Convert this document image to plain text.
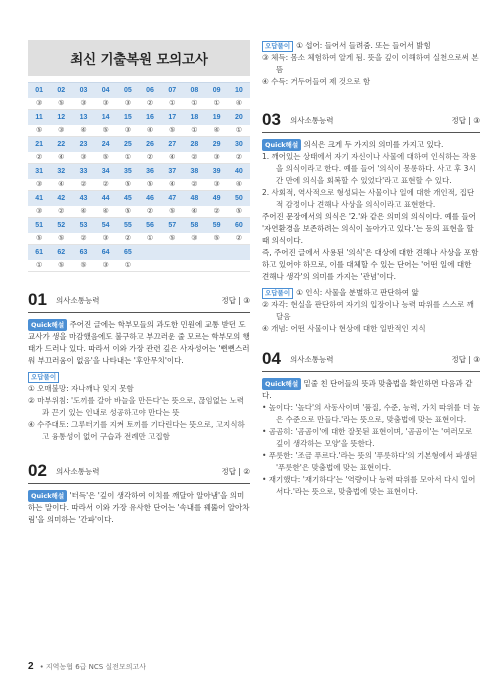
최신 기출복원 모의고사
01	02	03	04	05	06	07	08	09	10
③	⑤	③	③	③	②	①	①	①	④
11	12	13	14	15	16	17	18	19	20
⑤	③	④	⑤	③	④	⑤	①	④	①
21	22	23	24	25	26	27	28	29	30
②	④	③	⑤	①	②	④	②	③	②
31	32	33	34	35	36	37	38	39	40
③	④	②	②	⑤	⑤	④	②	③	④
41	42	43	44	45	46	47	48	49	50
③	②	④	④	⑤	②	⑤	④	②	⑤
51	52	53	54	55	56	57	58	59	60
⑤	⑤	②	③	②	①	⑤	③	⑤	②
61	62	63	64	65					
①	⑤	⑤	③	①					
01	의사소통능력	정답 | ③

Quick해설 주어진 글에는 학부모들의 과도한 민원에 교통 받던 도교사가 생을 마감했음에도 불구하고 부끄러운 줄 모르는 학부모의 행태가 드러나 있다. 따라서 이와 가장 관련 깊은 사자성어는 '뻔뻔스러워 부끄러움이 없음'을 나타내는 '후안무치'이다.

오답풀이

① 오매불망: 자나깨나 잊지 못함

② 마부위침: '도끼를 갈아 바늘을 만든다'는 뜻으로, 끊임없는 노력과 끈기 있는 인내로 성공하고야 만다는 뜻

④ 수주대토: 그루터기를 지켜 토끼를 기다린다는 뜻으로, 고지식하고 융통성이 없어 구습과 전례만 고집함

02	의사소통능력	정답 | ②

Quick해설 '터득'은 '깊이 생각하여 이치를 깨달아 알아냄'을 의미하는 말이다. 따라서 이와 가장 유사한 단어는 '속내를 꿰뚫어 알아차림'을 의미하는 '간파'이다.

오답풀이 ① 섭어: 들어서 들려줌. 또는 들어서 밝힘

③ 체득: 몸소 체험하여 알게 됨. 뜻을 깊이 이해하여 실천으로써 본뜸

④ 수득: 거두어들여 제 것으로 함

03	의사소통능력	정답 | ③

Quick해설 의식은 크게 두 가지의 의미를 가지고 있다.

1. 깨어있는 상태에서 자기 자신이나 사물에 대하여 인식하는 작용을 의식이라고 한다. 예를 들어 '의식이 몽롱하다. 사고 후 3시간 만에 의식을 회복할 수 있었다'라고 표현할 수 있다.

2. 사회적, 역사적으로 형성되는 사물이나 일에 대한 개인적, 집단적 감정이나 견해나 사상을 의식이라고 표현한다.

주어진 문장에서의 의식은 '2.'와 같은 의미의 의식이다. 예를 들어 '자연환경을 보존하려는 의식이 높아가고 있다.'는 등의 표현을 할 때 의식이다.

즉, 주어진 글에서 사용된 '의식'은 대상에 대한 견해나 사상을 포함하고 있어야 하므로, 이를 대체할 수 있는 단어는 '어떤 일에 대한 견해나 생각'의 의미를 가지는 '관념'이다.

오답풀이 ① 인식: 사물을 분별하고 판단하여 앎

② 자각: 현실을 판단하여 자기의 입장이나 능력 따위를 스스로 깨달음

④ 개념: 어떤 사물이나 현상에 대한 일반적인 지식

04	의사소통능력	정답 | ③

Quick해설 밑줄 친 단어들의 뜻과 맞춤법을 확인하면 다음과 같다.

• 높이다: '높다'의 사동사이며 '품질, 수준, 능력, 가치 따위를 더 높은 수준으로 만들다.'라는 뜻으로, 맞춤법에 맞는 표현이다.

• 곰곰히: '곰곰이'에 대한 잘못된 표현이며, '곰곰이'는 '여러모로 깊이 생각하는 모양'을 뜻한다.

• 푸릇한: '조금 푸르다.'라는 뜻의 '푸릇하다'의 기본형에서 파생된 '푸릇한'은 맞춤법에 맞는 표현이다.

• 재기했다: '재기하다'는 '역량이나 능력 따위를 모아서 다시 일어서다.'라는 뜻으로, 맞춤법에 맞는 표현이다.

2 • 지역농협 6급 NCS 실전모의고사
